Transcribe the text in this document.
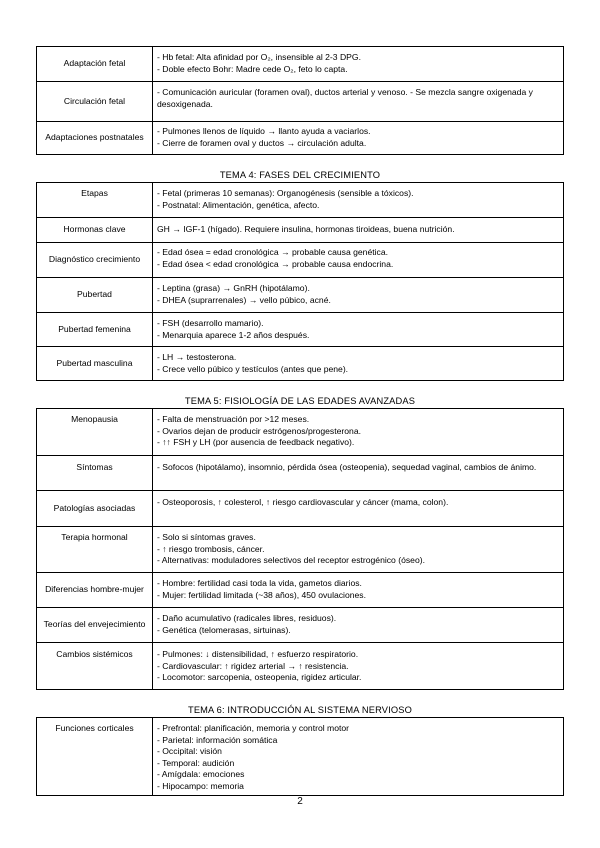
Adaptación fetal	- Hb fetal: Alta afinidad por O₂, insensible al 2-3 DPG.
- Doble efecto Bohr: Madre cede O₂, feto lo capta.

Circulación fetal	- Comunicación auricular (foramen oval), ductos arterial y venoso. - Se mezcla sangre oxigenada y desoxigenada.

Adaptaciones postnatales	- Pulmones llenos de líquido → llanto ayuda a vaciarlos.
- Cierre de foramen oval y ductos → circulación adulta.
TEMA 4: FASES DEL CRECIMIENTO
Etapas	- Fetal (primeras 10 semanas): Organogénesis (sensible a tóxicos).
- Postnatal: Alimentación, genética, afecto.

Hormonas clave	GH → IGF-1 (hígado). Requiere insulina, hormonas tiroideas, buena nutrición.

Diagnóstico crecimiento	- Edad ósea = edad cronológica → probable causa genética.
- Edad ósea < edad cronológica → probable causa endocrina.

Pubertad	- Leptina (grasa) → GnRH (hipotálamo).
- DHEA (suprarrenales) → vello púbico, acné.

Pubertad femenina	- FSH (desarrollo mamario).
- Menarquia aparece 1-2 años después.

Pubertad masculina	- LH → testosterona.
- Crece vello púbico y testículos (antes que pene).
TEMA 5: FISIOLOGÍA DE LAS EDADES AVANZADAS
Menopausia	- Falta de menstruación por >12 meses.
- Ovarios dejan de producir estrógenos/progesterona.
- ↑↑ FSH y LH (por ausencia de feedback negativo).

Síntomas	- Sofocos (hipotálamo), insomnio, pérdida ósea (osteopenia), sequedad vaginal, cambios de ánimo.

Patologías asociadas	- Osteoporosis, ↑ colesterol, ↑ riesgo cardiovascular y cáncer (mama, colon).

Terapia hormonal	- Solo si síntomas graves.
- ↑ riesgo trombosis, cáncer.
- Alternativas: moduladores selectivos del receptor estrogénico (óseo).

Diferencias hombre-mujer	- Hombre: fertilidad casi toda la vida, gametos diarios.
- Mujer: fertilidad limitada (~38 años), 450 ovulaciones.

Teorías del envejecimiento	- Daño acumulativo (radicales libres, residuos).
- Genética (telomerasas, sirtuinas).

Cambios sistémicos	- Pulmones: ↓ distensibilidad, ↑ esfuerzo respiratorio.
- Cardiovascular: ↑ rigidez arterial → ↑ resistencia.
- Locomotor: sarcopenia, osteopenia, rigidez articular.
TEMA 6: INTRODUCCIÓN AL SISTEMA NERVIOSO
Funciones corticales	- Prefrontal: planificación, memoria y control motor
- Parietal: información somática
- Occipital: visión
- Temporal: audición
- Amígdala: emociones
- Hipocampo: memoria
2
